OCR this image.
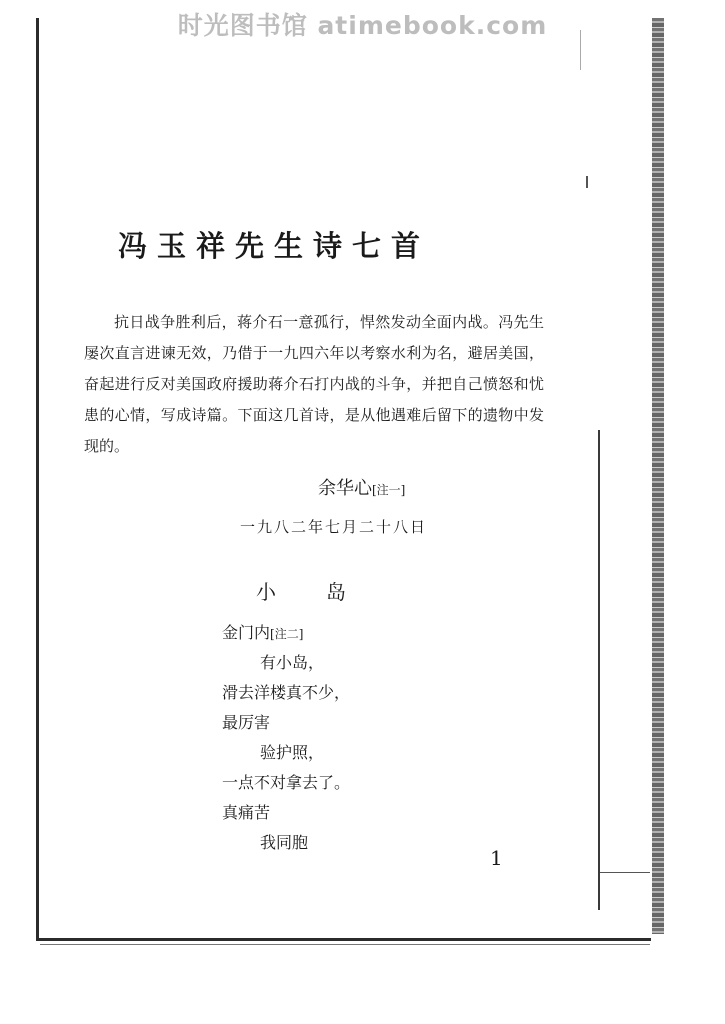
时光图书馆 atimebook.com
冯玉祥先生诗七首
抗日战争胜利后，蒋介石一意孤行，悍然发动全面内战。冯先生屡次直言进谏无效，乃借于一九四六年以考察水利为名，避居美国，奋起进行反对美国政府援助蒋介石打内战的斗争，并把自己愤怒和忧患的心情，写成诗篇。下面这几首诗，是从他遇难后留下的遗物中发现的。
余华心[注一]
一九八二年七月二十八日
小岛
金门内[注二]
有小岛，
滑去洋楼真不少，
最厉害
验护照，
一点不对拿去了。
真痛苦
我同胞
1
